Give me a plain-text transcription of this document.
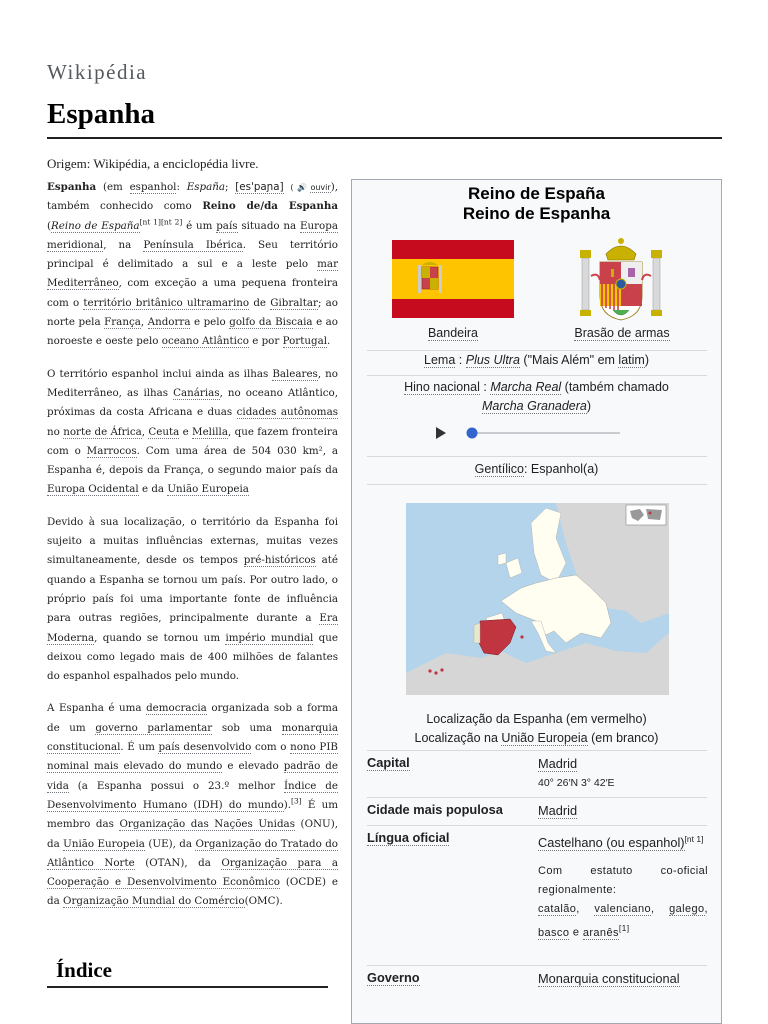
Wikipédia
Espanha
Origem: Wikipédia, a enciclopédia livre.

Espanha (em espanhol: España; [es'paɲa] (🔊ouvir), também conhecido como Reino de/da Espanha (Reino de España[nt 1][nt 2] é um país situado na Europa meridional, na Península Ibérica. Seu território principal é delimitado a sul e a leste pelo mar Mediterrâneo, com exceção a uma pequena fronteira com o território britânico ultramarino de Gibraltar; ao norte pela França, Andorra e pelo golfo da Biscaia e ao noroeste e oeste pelo oceano Atlântico e por Portugal.

O território espanhol inclui ainda as ilhas Baleares, no Mediterrâneo, as ilhas Canárias, no oceano Atlântico, próximas da costa Africana e duas cidades autônomas no norte de África, Ceuta e Melilla, que fazem fronteira com o Marrocos. Com uma área de 504 030 km², a Espanha é, depois da França, o segundo maior país da Europa Ocidental e da União Europeia

Devido à sua localização, o território da Espanha foi sujeito a muitas influências externas, muitas vezes simultaneamente, desde os tempos pré-históricos até quando a Espanha se tornou um país. Por outro lado, o próprio país foi uma importante fonte de influência para outras regiões, principalmente durante a Era Moderna, quando se tornou um império mundial que deixou como legado mais de 400 milhões de falantes do espanhol espalhados pelo mundo.

A Espanha é uma democracia organizada sob a forma de um governo parlamentar sob uma monarquia constitucional. É um país desenvolvido com o nono PIB nominal mais elevado do mundo e elevado padrão de vida (a Espanha possui o 23.º melhor Índice de Desenvolvimento Humano (IDH) do mundo).[3] É um membro das Organização das Nações Unidas (ONU), da União Europeia (UE), da Organização do Tratado do Atlântico Norte (OTAN), da Organização para a Cooperação e Desenvolvimento Econômico (OCDE) e da Organização Mundial do Comércio(OMC).

Índice
Reino de España
Reino de Espanha
Bandeira	Brasão de armas
Lema : Plus Ultra ("Mais Além" em latim)
Hino nacional : Marcha Real (também chamado
Marcha Granadera)
Gentílico: Espanhol(a)
Localização da Espanha (em vermelho)
Localização na União Europeia (em branco)
Capital	Madrid
40° 26′N 3° 42′E
Cidade mais populosa	Madrid
Língua oficial	Castelhano (ou espanhol)[nt 1]
Com estatuto co-oficial regionalmente:
catalão, valenciano, galego, basco e aranês[1]
Governo	Monarquia constitucional
